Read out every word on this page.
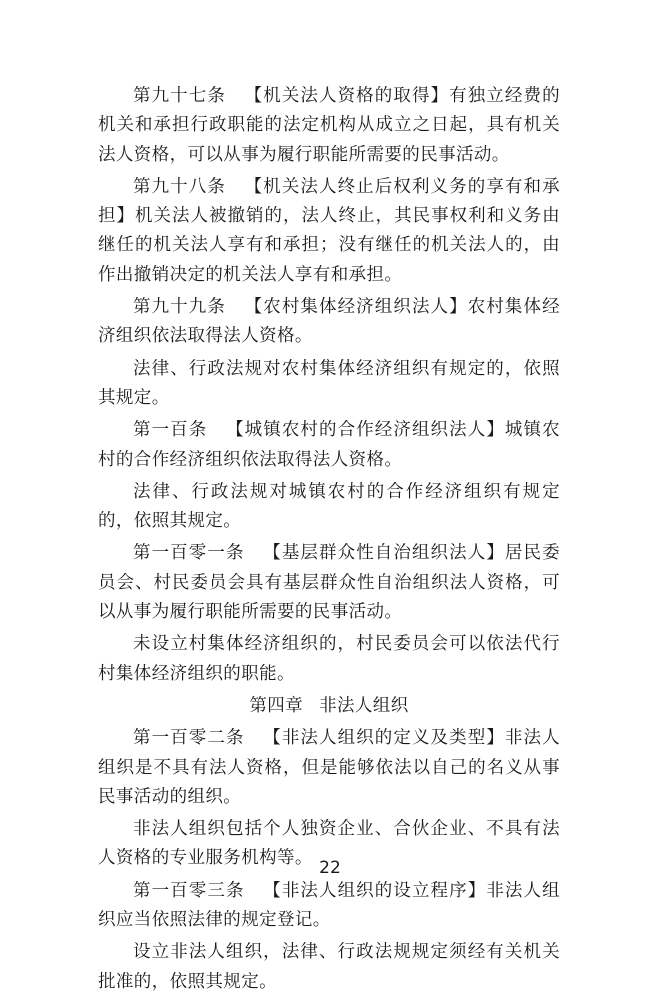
第九十七条 【机关法人资格的取得】有独立经费的机关和承担行政职能的法定机构从成立之日起，具有机关法人资格，可以从事为履行职能所需要的民事活动。

第九十八条 【机关法人终止后权利义务的享有和承担】机关法人被撤销的，法人终止，其民事权利和义务由继任的机关法人享有和承担；没有继任的机关法人的，由作出撤销决定的机关法人享有和承担。

第九十九条 【农村集体经济组织法人】农村集体经济组织依法取得法人资格。

法律、行政法规对农村集体经济组织有规定的，依照其规定。

第一百条 【城镇农村的合作经济组织法人】城镇农村的合作经济组织依法取得法人资格。

法律、行政法规对城镇农村的合作经济组织有规定的，依照其规定。

第一百零一条 【基层群众性自治组织法人】居民委员会、村民委员会具有基层群众性自治组织法人资格，可以从事为履行职能所需要的民事活动。

未设立村集体经济组织的，村民委员会可以依法代行村集体经济组织的职能。

第四章 非法人组织

第一百零二条 【非法人组织的定义及类型】非法人组织是不具有法人资格，但是能够依法以自己的名义从事民事活动的组织。

非法人组织包括个人独资企业、合伙企业、不具有法人资格的专业服务机构等。

第一百零三条 【非法人组织的设立程序】非法人组织应当依照法律的规定登记。

设立非法人组织，法律、行政法规规定须经有关机关批准的，依照其规定。

22
